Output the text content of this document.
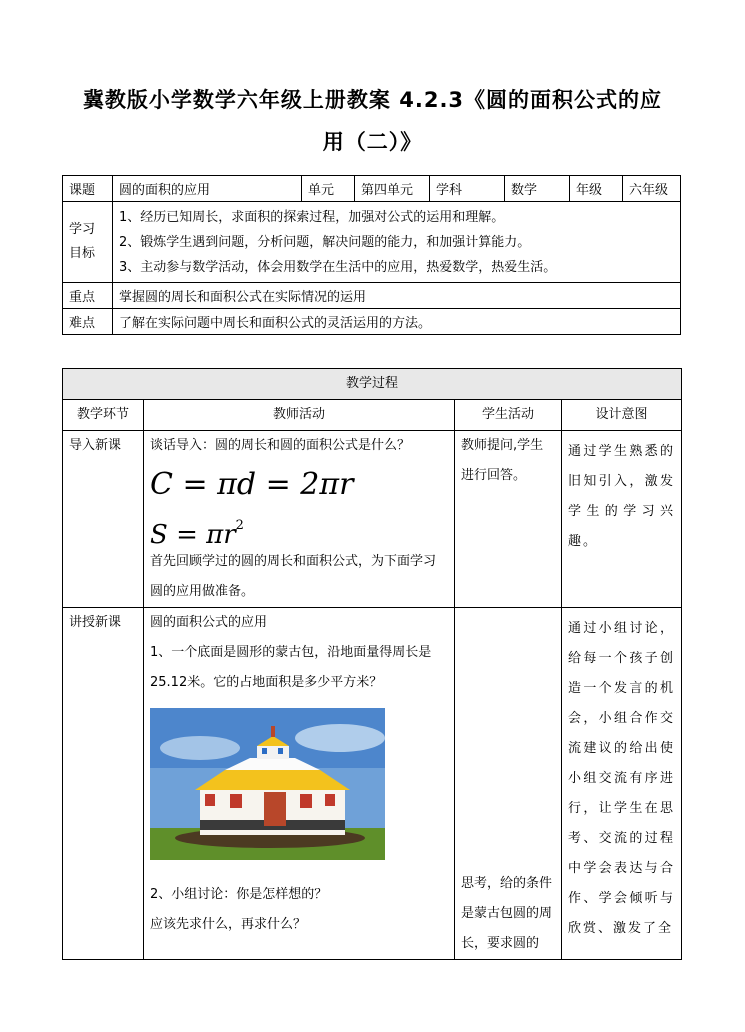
冀教版小学数学六年级上册教案 4.2.3《圆的面积公式的应
用（二）》
课题	圆的面积的应用	单元	第四单元	学科	数学	年级	六年级
学习目标	1、经历已知周长，求面积的探索过程，加强对公式的运用和理解。
2、锻炼学生遇到问题，分析问题，解决问题的能力，和加强计算能力。
3、主动参与数学活动，体会用数学在生活中的应用，热爱数学，热爱生活。						

重点	掌握圆的周长和面积公式在实际情况的运用						
难点	了解在实际问题中周长和面积公式的灵活运用的方法。						
教学过程			
教学环节	教师活动	学生活动	设计意图
导入新课	谈话导入：圆的周长和圆的面积公式是什么？
C = πd = 2πr
$S = \pi r^2$
首先回顾学过的圆的周长和面积公式，为下面学习圆的应用做准备。	教师提问,学生进行回答。	通过学生熟悉的旧知引入，激发学生的学习兴趣。
讲授新课	圆的面积公式的应用
1、一个底面是圆形的蒙古包，沿地面量得周长是25.12米。它的占地面积是多少平方米？
2、小组讨论：你是怎样想的？
应该先求什么，再求什么？	思考，给的条件是蒙古包圆的周长，要求圆的	通过小组讨论，给每一个孩子创造一个发言的机会，小组合作交流建议的给出使小组交流有序进行，让学生在思考、交流的过程中学会表达与合作、学会倾听与欣赏、激发了全
